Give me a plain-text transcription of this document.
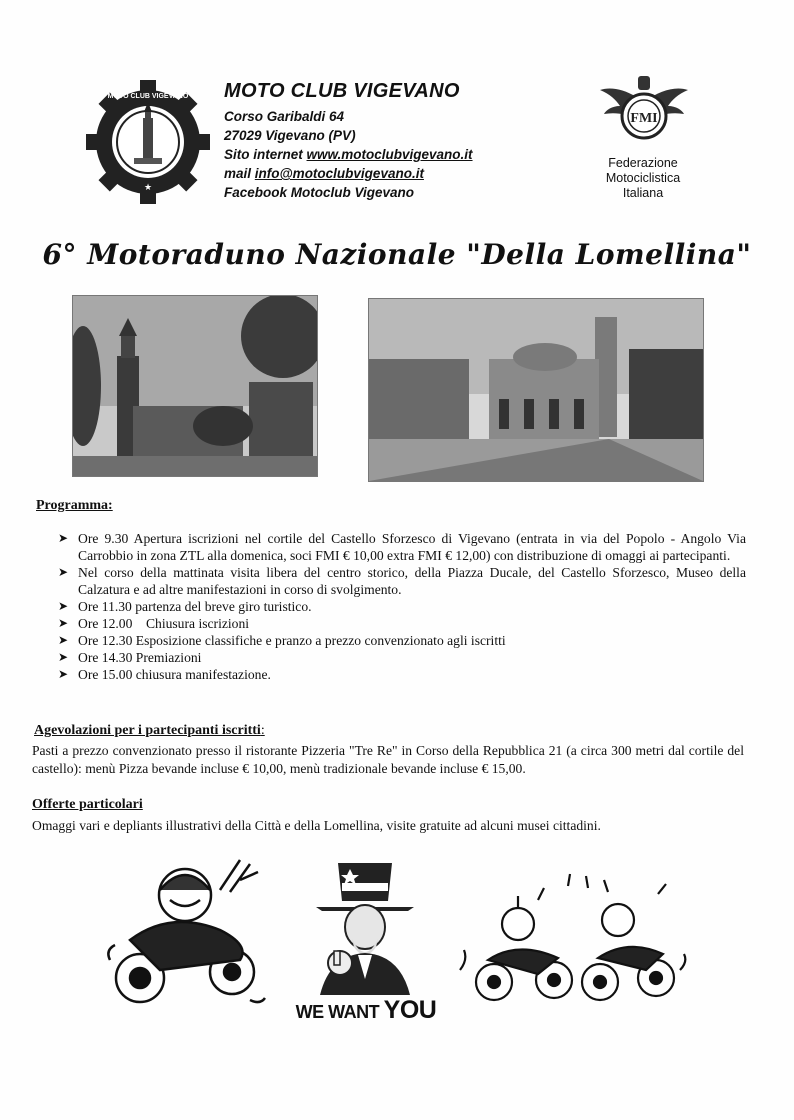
MOTO CLUB VIGEVANO
★
MOTO CLUB VIGEVANO
Corso Garibaldi 64
27029 Vigevano (PV)
Sito internet www.motoclubvigevano.it
mail info@motoclubvigevano.it
Facebook Motoclub Vigevano
FMI
Federazione
Motociclistica
Italiana
6° Motoraduno Nazionale "Della Lomellina"
Programma:
➤ Ore 9.30 Apertura iscrizioni nel cortile del Castello Sforzesco di Vigevano (entrata in via del Popolo - Angolo Via Carrobbio in zona ZTL alla domenica, soci FMI € 10,00 extra FMI € 12,00) con distribuzione di omaggi ai partecipanti.
➤ Nel corso della mattinata visita libera del centro storico, della Piazza Ducale, del Castello Sforzesco, Museo della Calzatura e ad altre manifestazioni in corso di svolgimento.
➤ Ore 11.30 partenza del breve giro turistico.
➤ Ore 12.00    Chiusura iscrizioni
➤ Ore 12.30 Esposizione classifiche e pranzo a prezzo convenzionato agli iscritti
➤ Ore 14.30 Premiazioni
➤ Ore 15.00 chiusura manifestazione.
Agevolazioni per i partecipanti iscritti:
Pasti a prezzo convenzionato presso il ristorante Pizzeria "Tre Re" in Corso della Repubblica 21 (a circa 300 metri dal cortile del castello): menù Pizza bevande incluse € 10,00, menù tradizionale bevande incluse € 15,00.
Offerte particolari
Omaggi vari e depliants illustrativi della Città e della Lomellina, visite gratuite ad alcuni musei cittadini.
WE WANT YOU
